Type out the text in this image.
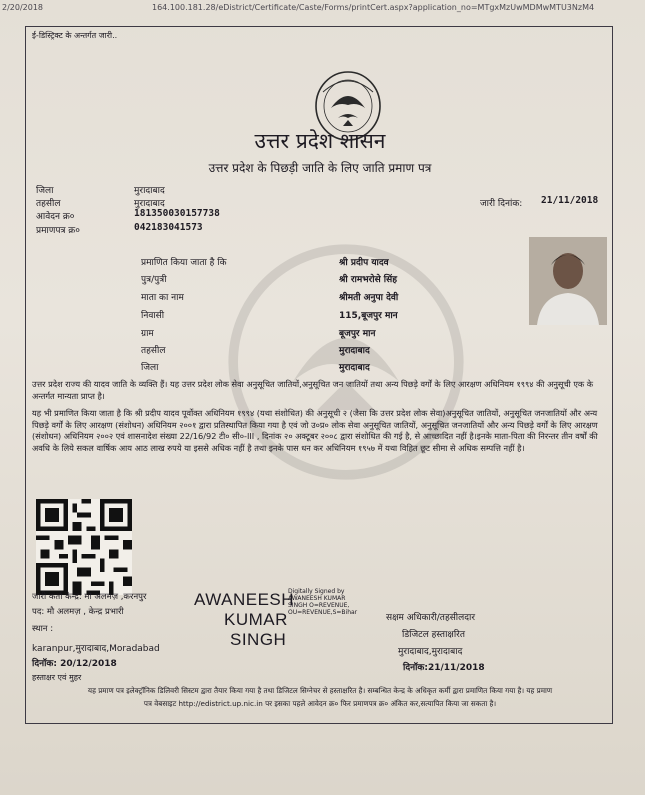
2/20/2018	164.100.181.28/eDistrict/Certificate/Caste/Forms/printCert.aspx?application_no=MTgxMzUwMDMwMTU3NzM4
ई-डिस्ट्रिक्ट के अन्तर्गत जारी..
उत्तर प्रदेश शासन
उत्तर प्रदेश के पिछड़ी जाति के लिए जाति प्रमाण पत्र
जिला	मुरादाबाद
तहसील	मुरादाबाद
आवेदन क्र०	181350030157738
प्रमाणपत्र क्र०	042183041573
जारी दिनांक: 21/11/2018
प्रमाणित किया जाता है कि	श्री प्रदीप यादव
पुत्र/पुत्री	श्री रामभरोसे सिंह
माता का नाम	श्रीमती अनुपा देवी
निवासी	115,बूजपुर मान
ग्राम	बूजपुर मान
तहसील	मुरादाबाद
जिला	मुरादाबाद
उत्तर प्रदेश राज्य की यादव जाति के व्यक्ति हैं। यह उत्तर प्रदेश लोक सेवा अनुसूचित जातियों,अनुसूचित जन जातियों तथा अन्य पिछड़े वर्गों के लिए आरक्षण अधिनियम १९९४ की अनुसूची एक के अन्तर्गत मान्यता प्राप्त है।
यह भी प्रमाणित किया जाता है कि श्री प्रदीप यादव पूर्वोक्त अधिनियम १९९४ (यथा संशोधित) की अनुसूची २ (जैसा कि उत्तर प्रदेश लोक सेवा)अनुसूचित जातियों, अनुसूचित जनजातियों और अन्य पिछड़े वर्गों के लिए आरक्षण (संशोधन) अधिनियम २००१ द्वारा प्रतिस्थापित किया गया है एवं जो उ०प्र० लोक सेवा अनुसूचित जातियों, अनुसूचित जनजातियों और अन्य पिछड़े वर्गों के लिए आरक्षण (संशोधन) अधिनियम २००२ एवं शासनादेश संख्या 22/16/92 टी० सी०-III , दिनांक २० अक्टूबर २००८ द्वारा संशोधित की गई है, से आच्छादित नहीं है।इनके माता-पिता की निरन्तर तीन वर्षों की अवधि के लिये सकल वार्षिक आय आठ लाख रुपये या इससे अधिक नहीं है तथा इनके पास धन कर अधिनियम १९५७ में यथा विहित छूट सीमा से अधिक सम्पत्ति नहीं है।
जारी कर्ता केन्द्र: मौ अलमज़ ,करनपुर
पद: मौ अलमज़ , केन्द्र प्रभारी
स्थान :
karanpur,मुरादाबाद,Moradabad
दिनॉक: 20/12/2018
हस्ताक्षर एवं मुहर
AWANEESH
KUMAR
SINGH
Digitally Signed by
AWANEESH KUMAR
SINGH O=REVENUE,
OU=REVENUE,S=Bihar
सक्षम अधिकारी/तहसीलदार
डिजिटल हस्ताक्षरित
मुरादाबाद,मुरादाबाद
दिनॉक:21/11/2018
यह प्रमाण पत्र इलेक्ट्रॉनिक डिलिवरी सिस्टम द्वारा तैयार किया गया है तथा डिजिटल सिग्नेचर से हस्ताक्षरित है। सम्बन्धित केन्द्र के अधिकृत कर्मी द्वारा प्रमाणित किया गया है। यह प्रमाण
पत्र वेबसाइट http://edistrict.up.nic.in पर इसका पहले आवेदन क्र० फिर प्रमाणपत्र क्र० अंकित कर,सत्यापित किया जा सकता है।
